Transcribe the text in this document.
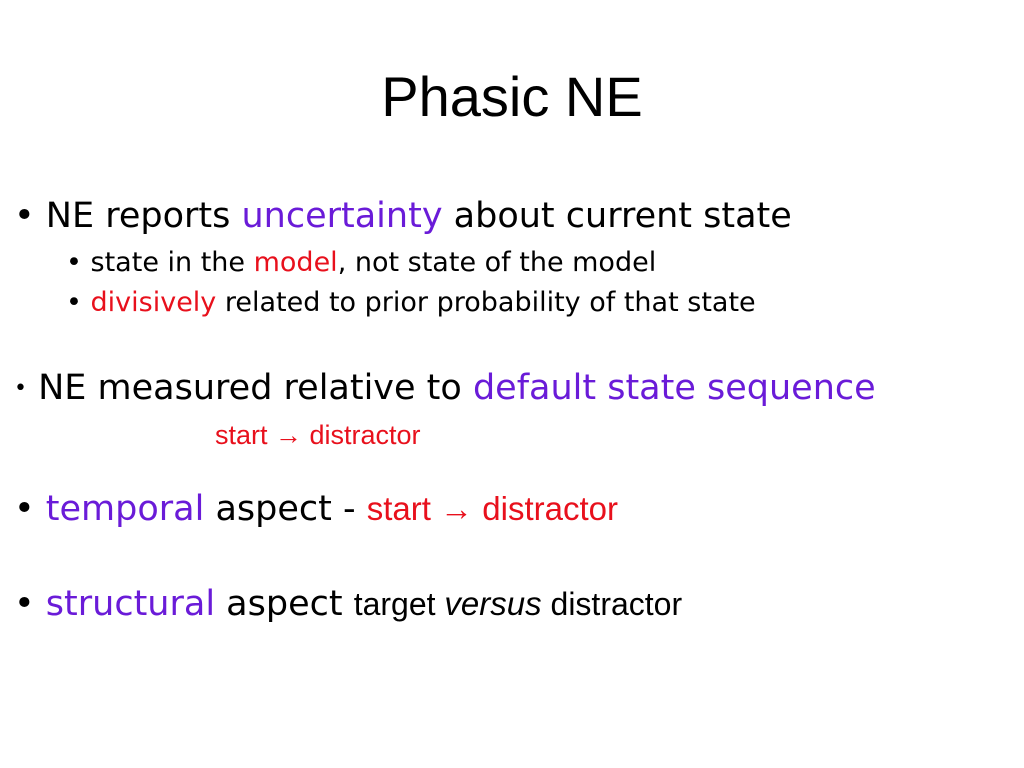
Phasic NE
• NE reports uncertainty about current state
• state in the model, not state of the model
• divisively related to prior probability of that state
• NE measured relative to default state sequence
start → distractor
• temporal aspect - start → distractor
• structural aspect target versus distractor
